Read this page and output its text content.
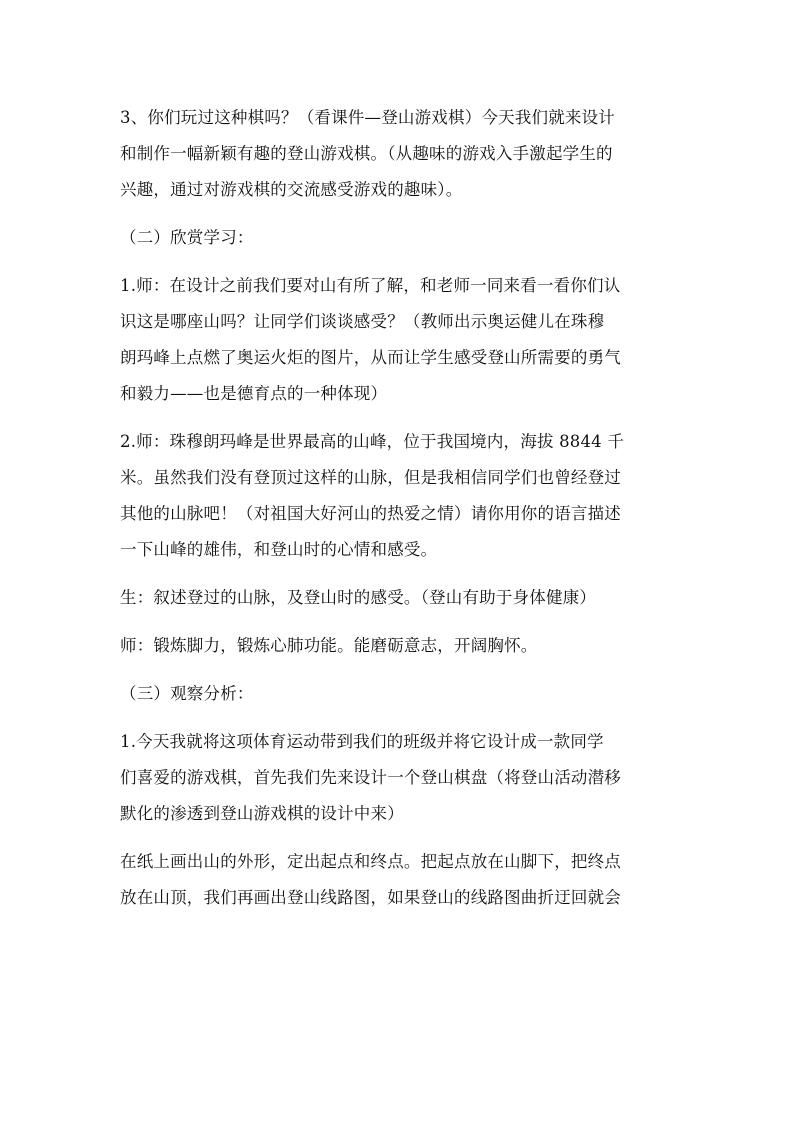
3、你们玩过这种棋吗？（看课件—登山游戏棋）今天我们就来设计
和制作一幅新颖有趣的登山游戏棋。（从趣味的游戏入手激起学生的
兴趣，通过对游戏棋的交流感受游戏的趣味）。

（二）欣赏学习：

1.师：在设计之前我们要对山有所了解，和老师一同来看一看你们认
识这是哪座山吗？让同学们谈谈感受？（教师出示奥运健儿在珠穆
朗玛峰上点燃了奥运火炬的图片，从而让学生感受登山所需要的勇气
和毅力——也是德育点的一种体现）

2.师：珠穆朗玛峰是世界最高的山峰，位于我国境内，海拔 8844 千
米。虽然我们没有登顶过这样的山脉，但是我相信同学们也曾经登过
其他的山脉吧！（对祖国大好河山的热爱之情）请你用你的语言描述
一下山峰的雄伟，和登山时的心情和感受。

生：叙述登过的山脉，及登山时的感受。（登山有助于身体健康）

师：锻炼脚力，锻炼心肺功能。能磨砺意志，开阔胸怀。

（三）观察分析：

1.今天我就将这项体育运动带到我们的班级并将它设计成一款同学
们喜爱的游戏棋，首先我们先来设计一个登山棋盘（将登山活动潜移
默化的渗透到登山游戏棋的设计中来）

在纸上画出山的外形，定出起点和终点。把起点放在山脚下，把终点
放在山顶，我们再画出登山线路图，如果登山的线路图曲折迂回就会
